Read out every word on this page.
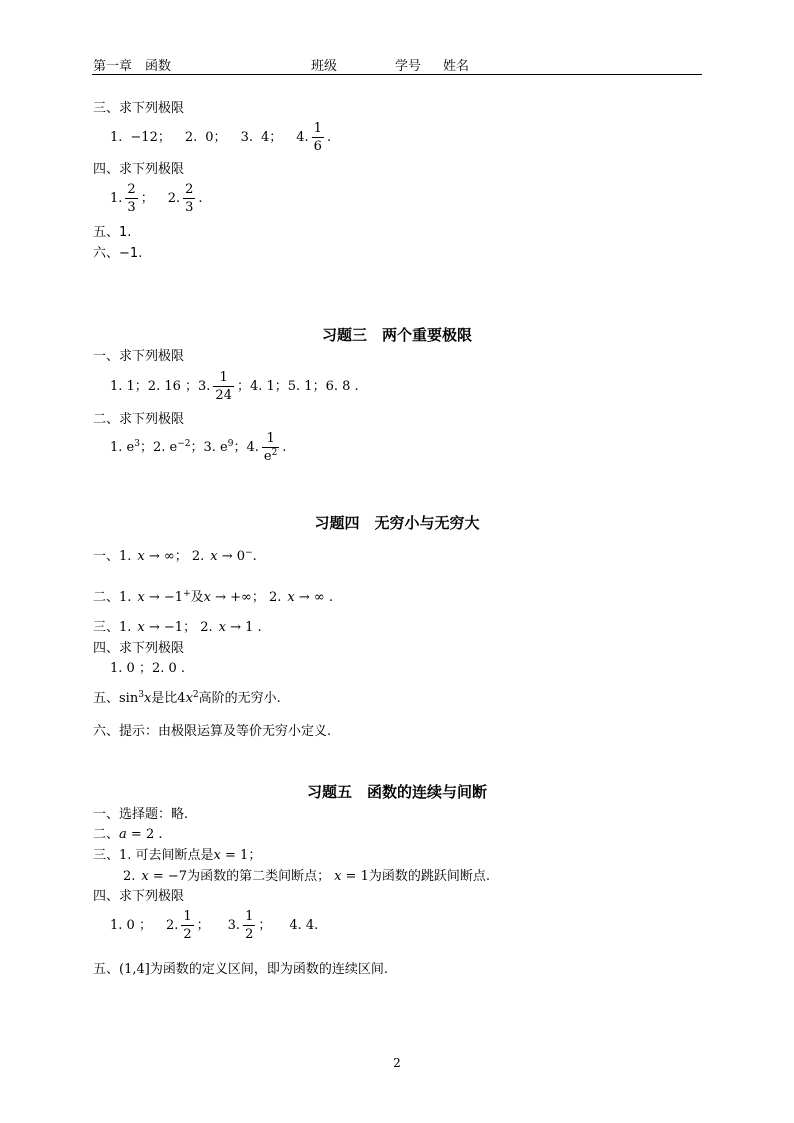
第一章　函数	班级	学号 姓名
三、求下列极限
1. −12； 2. 0； 3. 4； 4. $\frac{1}{6}$ .
四、求下列极限
1. $\frac{2}{3}$ ； 2. $\frac{2}{3}$ .
五、1.
六、−1.
习题三　两个重要极限
一、求下列极限
1. 1；2. 16 ；3. $\frac{1}{24}$ ；4. 1；5. 1；6. 8 .
二、求下列极限
1. $e^3$；2. $e^{-2}$；3. $e^9$；4. $\frac{1}{e^2}$ .
习题四　无穷小与无穷大
一、1. x → ∞； 2. x → 0−.
二、1. x → −1+及x → +∞； 2. x → ∞ .
三、1. x → −1； 2. x → 1 .
四、求下列极限
1. 0 ；2. 0 .
五、$\sin^3x$是比$4x^2$高阶的无穷小.
六、提示：由极限运算及等价无穷小定义.
习题五　函数的连续与间断
一、选择题：略.
二、a = 2 .
三、1. 可去间断点是x = 1；
2. x = −7为函数的第二类间断点； x = 1为函数的跳跃间断点.
四、求下列极限
1. 0 ； 2. $\frac{1}{2}$ ； 3. $\frac{1}{2}$ ； 4. 4.
五、(1,4]为函数的定义区间，即为函数的连续区间.
2
